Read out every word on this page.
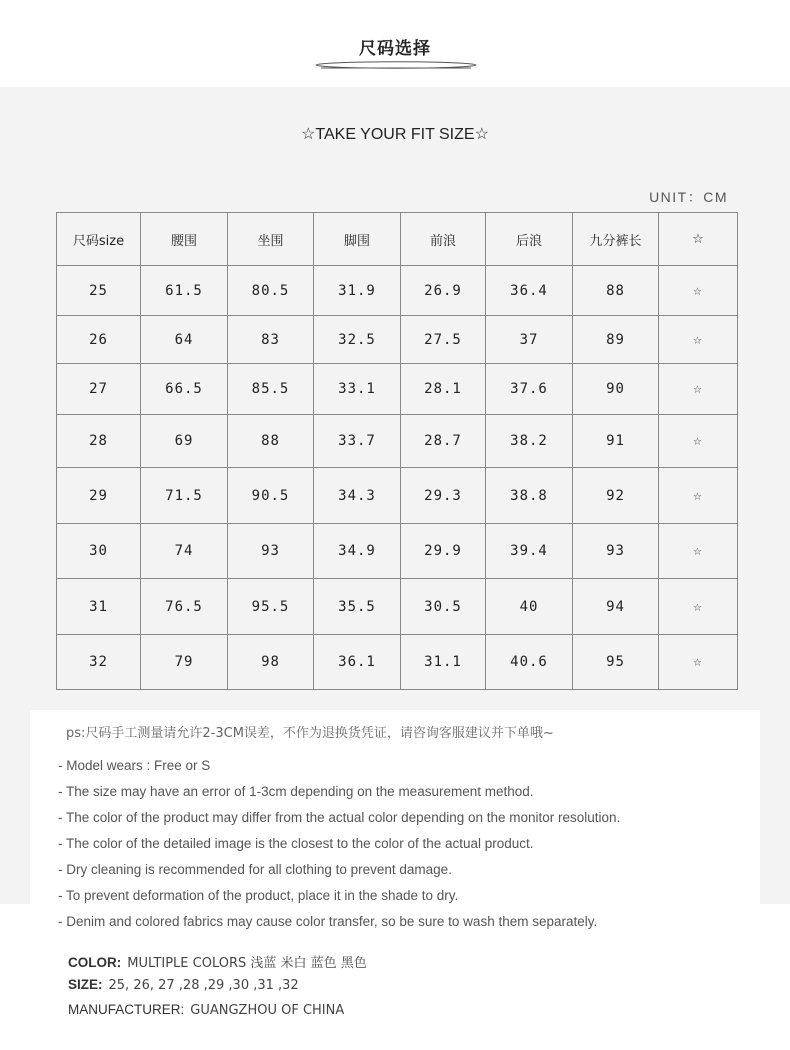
尺码选择
☆TAKE YOUR FIT SIZE☆
UNIT：CM
尺码size	腰围	坐围	脚围	前浪	后浪	九分裤长	☆
25	61.5	80.5	31.9	26.9	36.4	88	☆
26	64	83	32.5	27.5	37	89	☆
27	66.5	85.5	33.1	28.1	37.6	90	☆
28	69	88	33.7	28.7	38.2	91	☆
29	71.5	90.5	34.3	29.3	38.8	92	☆
30	74	93	34.9	29.9	39.4	93	☆
31	76.5	95.5	35.5	30.5	40	94	☆
32	79	98	36.1	31.1	40.6	95	☆
ps:尺码手工测量请允许2-3CM误差，不作为退换货凭证，请咨询客服建议并下单哦~
- Model wears : Free or S
- The size may have an error of 1-3cm depending on the measurement method.
- The color of the product may differ from the actual color depending on the monitor resolution.
- The color of the detailed image is the closest to the color of the actual product.
- Dry cleaning is recommended for all clothing to prevent damage.
- To prevent deformation of the product, place it in the shade to dry.
- Denim and colored fabrics may cause color transfer, so be sure to wash them separately.
COLOR: MULTIPLE COLORS 浅蓝 米白 蓝色 黑色
SIZE: 25, 26, 27 ,28 ,29 ,30 ,31 ,32
MANUFACTURER: GUANGZHOU OF CHINA
